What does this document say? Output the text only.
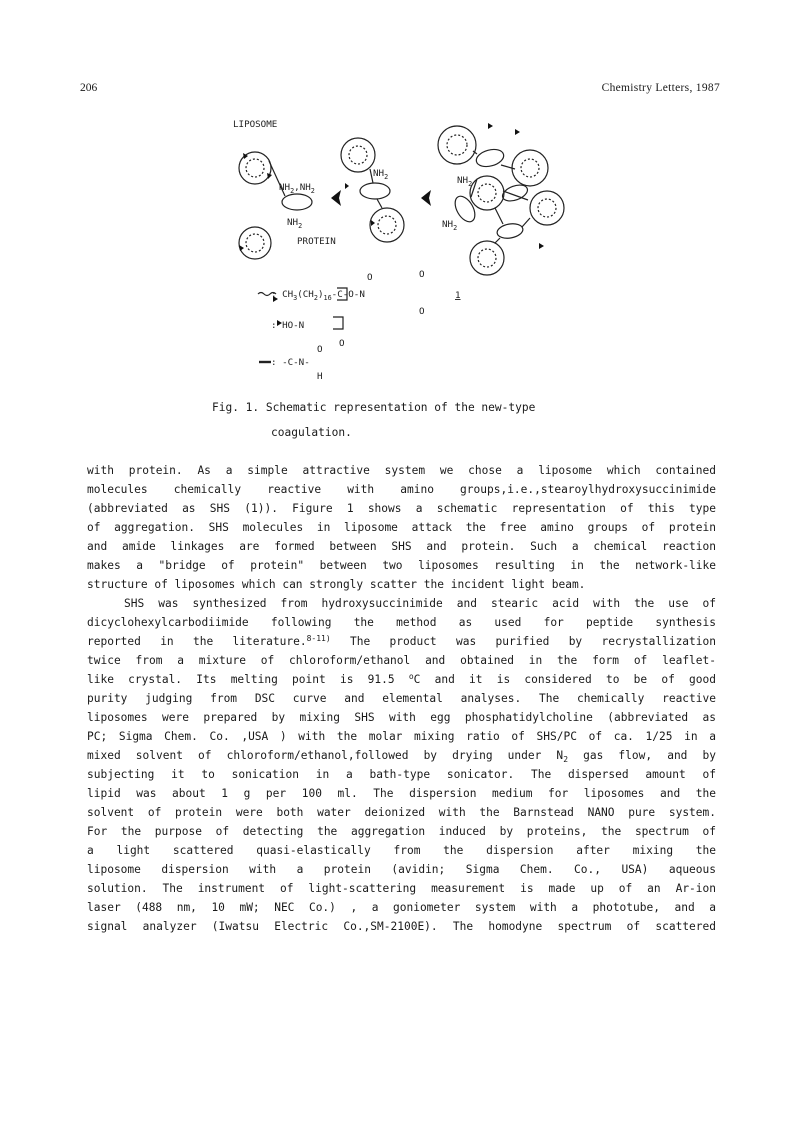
206	Chemistry Letters, 1987
LIPOSOME
$NH_2,NH_2$
$NH_2$
PROTEIN
$NH_2$	$NH_2$
$NH_2$
: $CH_3(CH_2)_{16}-C-O-N$
O	O
O
1
: HO-N
O
O
: -C-N-
H
Fig. 1. Schematic representation of the new-type
coagulation.
with protein. As a simple attractive system we chose a liposome which contained
molecules chemically reactive with amino groups,i.e.,stearoylhydroxysuccinimide
(abbreviated as SHS (1)). Figure 1 shows a schematic representation of this type
of aggregation. SHS molecules in liposome attack the free amino groups of protein
and amide linkages are formed between SHS and protein. Such a chemical reaction
makes a "bridge of protein" between two liposomes resulting in the network-like
structure of liposomes which can strongly scatter the incident light beam.
SHS was synthesized from hydroxysuccinimide and stearic acid with the use of
dicyclohexylcarbodiimide following the method as used for peptide synthesis
reported in the literature.$^{8-11)}$ The product was purified by recrystallization
twice from a mixture of chloroform/ethanol and obtained in the form of leaflet-
like crystal. Its melting point is 91.5 $^o$C and it is considered to be of good
purity judging from DSC curve and elemental analyses. The chemically reactive
liposomes were prepared by mixing SHS with egg phosphatidylcholine (abbreviated as
PC; Sigma Chem. Co. ,USA ) with the molar mixing ratio of SHS/PC of ca. 1/25 in a
mixed solvent of chloroform/ethanol,followed by drying under $N_2$ gas flow, and by
subjecting it to sonication in a bath-type sonicator. The dispersed amount of
lipid was about 1 g per 100 ml. The dispersion medium for liposomes and the
solvent of protein were both water deionized with the Barnstead NANO pure system.
For the purpose of detecting the aggregation induced by proteins, the spectrum of
a light scattered quasi-elastically from the dispersion after mixing the
liposome dispersion with a protein (avidin; Sigma Chem. Co., USA) aqueous
solution. The instrument of light-scattering measurement is made up of an Ar-ion
laser (488 nm, 10 mW; NEC Co.) , a goniometer system with a phototube, and a
signal analyzer (Iwatsu Electric Co.,SM-2100E). The homodyne spectrum of scattered
